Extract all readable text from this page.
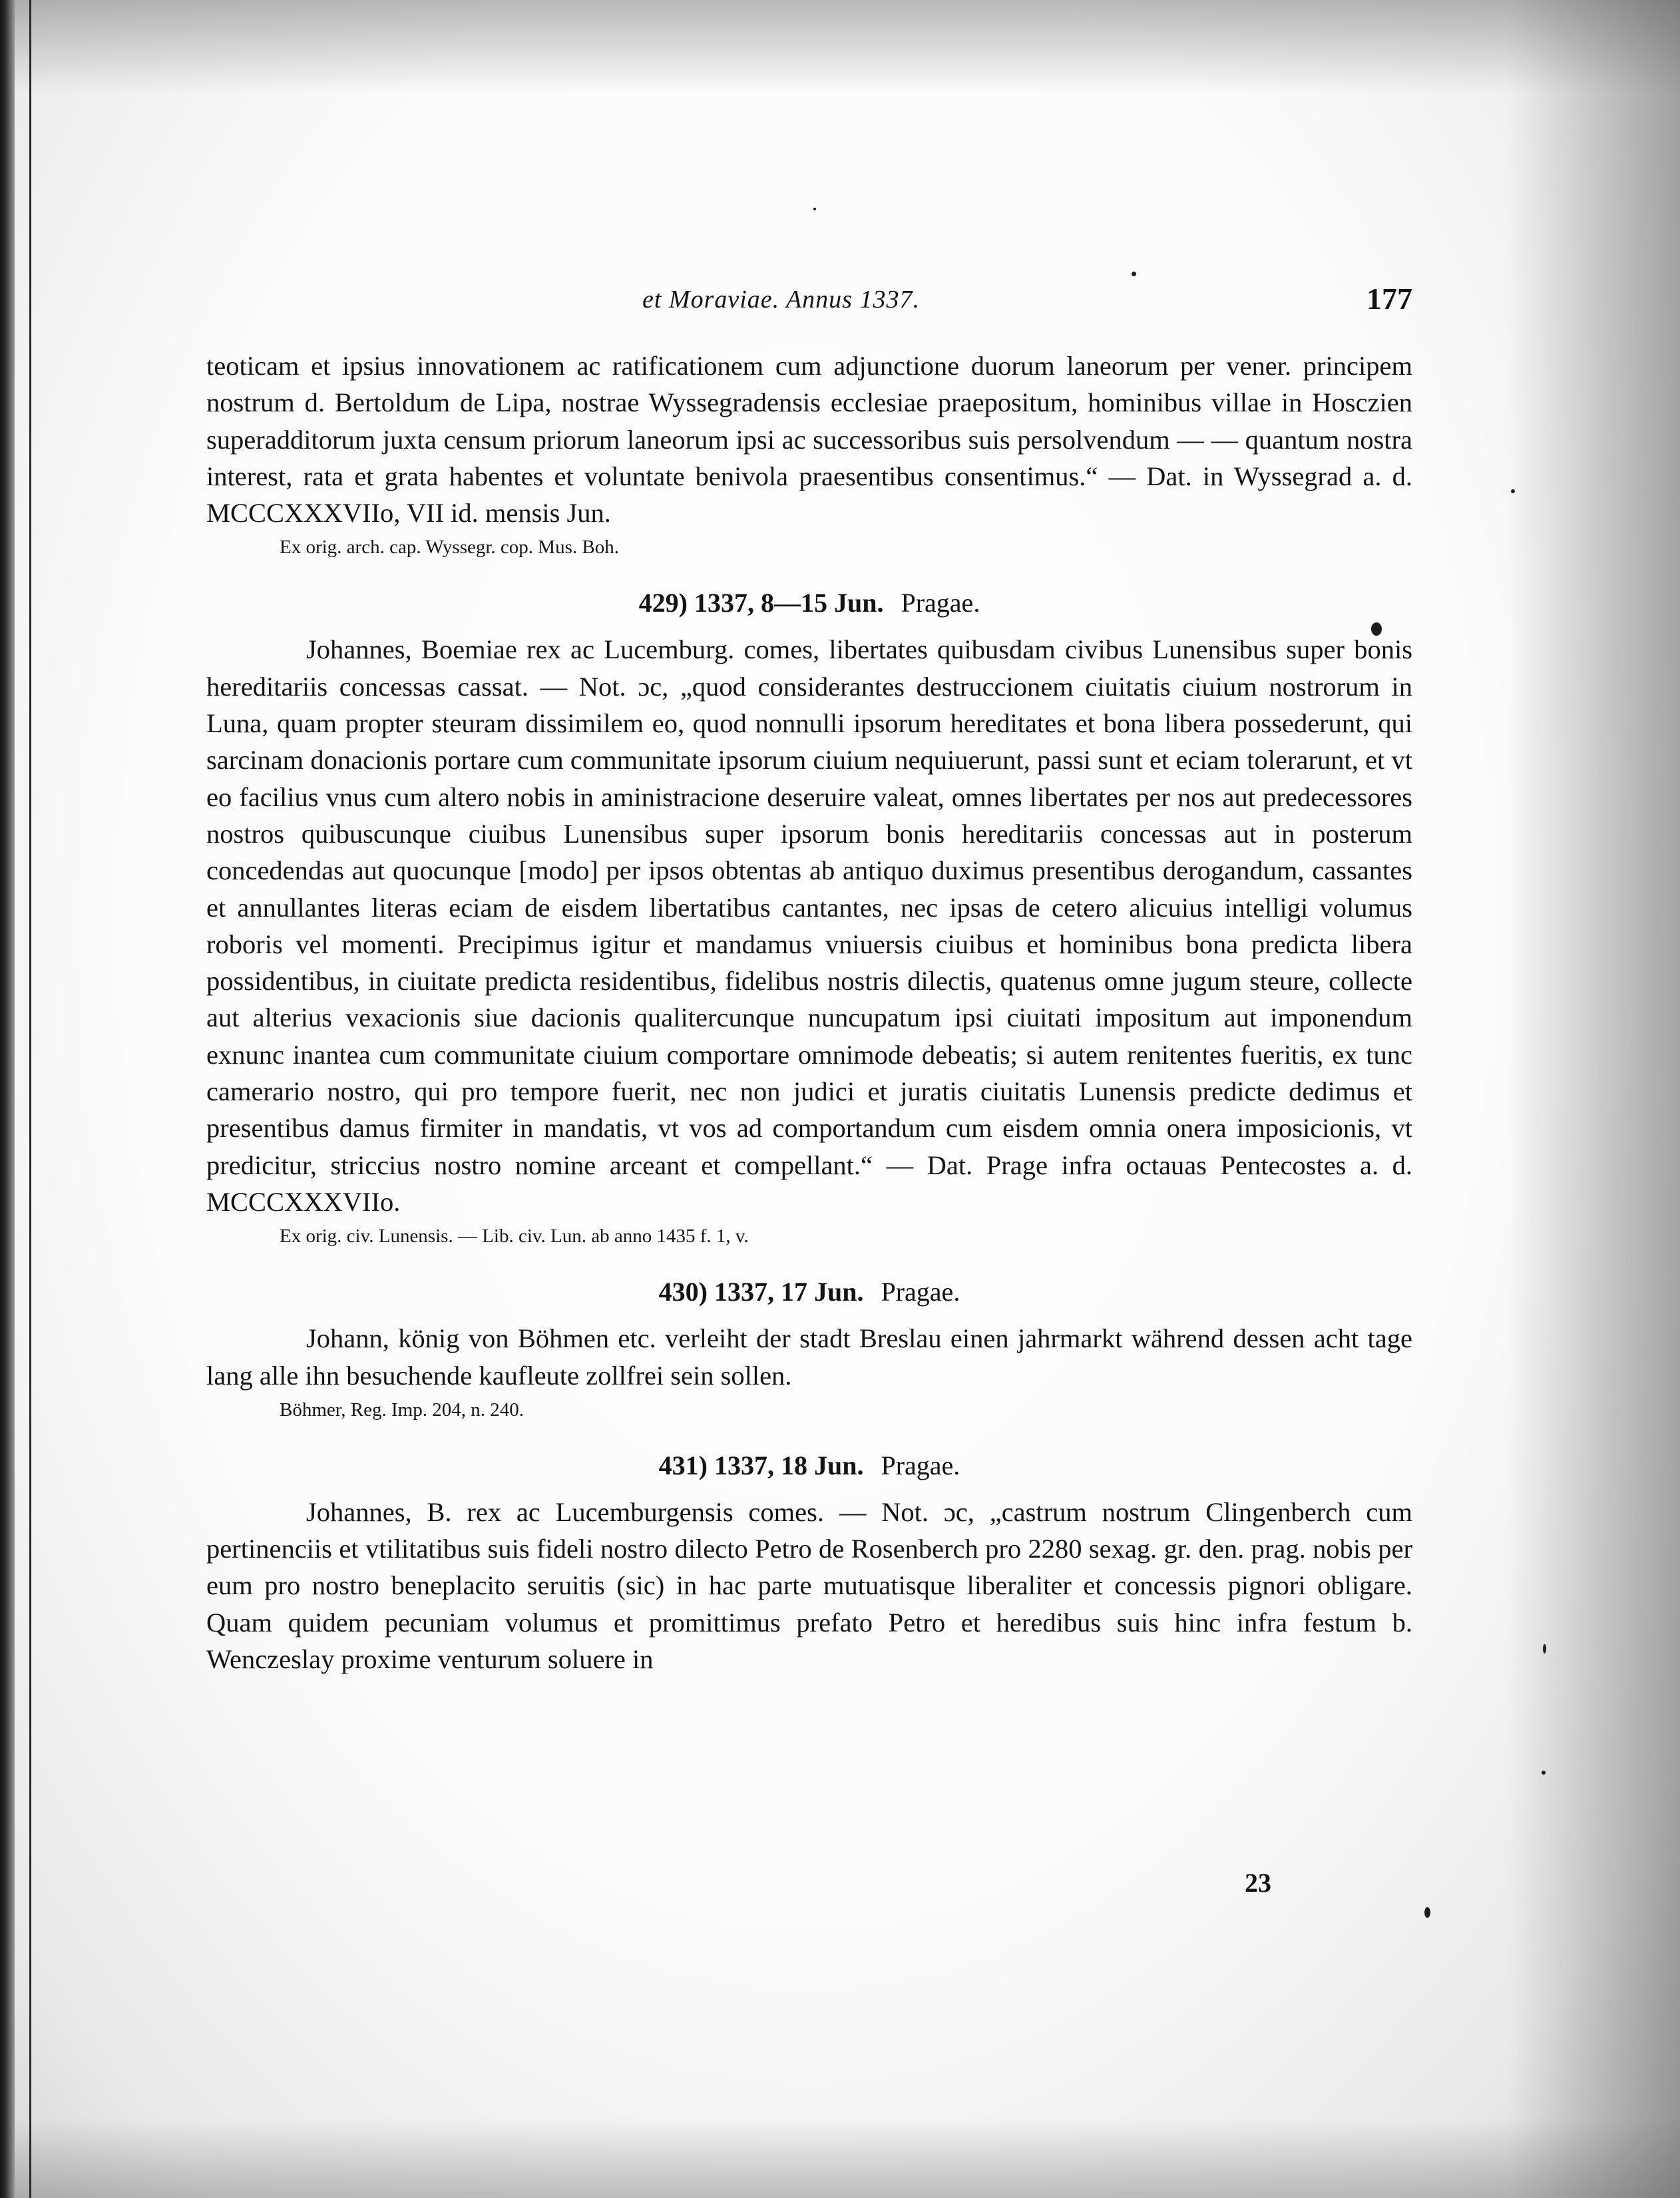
et Moraviae. Annus 1337.	177

teoticam et ipsius innovationem ac ratificationem cum adjunctione duorum laneorum per vener. principem nostrum d. Bertoldum de Lipa, nostrae Wyssegradensis ecclesiae praepositum, hominibus villae in Hosczien superadditorum juxta censum priorum laneorum ipsi ac successoribus suis persolvendum — — quantum nostra interest, rata et grata habentes et voluntate benivola praesentibus consentimus.“ — Dat. in Wyssegrad a. d. MCCCXXXVIIo, VII id. mensis Jun.

Ex orig. arch. cap. Wyssegr. cop. Mus. Boh.
429) 1337, 8—15 Jun. Pragae.

Johannes, Boemiae rex ac Lucemburg. comes, libertates quibusdam civibus Lunensibus super bonis hereditariis concessas cassat. — Not. ɔc, „quod considerantes destruccionem ciuitatis ciuium nostrorum in Luna, quam propter steuram dissimilem eo, quod nonnulli ipsorum hereditates et bona libera possederunt, qui sarcinam donacionis portare cum communitate ipsorum ciuium nequiuerunt, passi sunt et eciam tolerarunt, et vt eo facilius vnus cum altero nobis in aministracione deseruire valeat, omnes libertates per nos aut predecessores nostros quibuscunque ciuibus Lunensibus super ipsorum bonis hereditariis concessas aut in posterum concedendas aut quocunque [modo] per ipsos obtentas ab antiquo duximus presentibus derogandum, cassantes et annullantes literas eciam de eisdem libertatibus cantantes, nec ipsas de cetero alicuius intelligi volumus roboris vel momenti. Precipimus igitur et mandamus vniuersis ciuibus et hominibus bona predicta libera possidentibus, in ciuitate predicta residentibus, fidelibus nostris dilectis, quatenus omne jugum steure, collecte aut alterius vexacionis siue dacionis qualitercunque nuncupatum ipsi ciuitati impositum aut imponendum exnunc inantea cum communitate ciuium comportare omnimode debeatis; si autem renitentes fueritis, ex tunc camerario nostro, qui pro tempore fuerit, nec non judici et juratis ciuitatis Lunensis predicte dedimus et presentibus damus firmiter in mandatis, vt vos ad comportandum cum eisdem omnia onera imposicionis, vt predicitur, striccius nostro nomine arceant et compellant.“ — Dat. Prage infra octauas Pentecostes a. d. MCCCXXXVIIo.

Ex orig. civ. Lunensis. — Lib. civ. Lun. ab anno 1435 f. 1, v.
430) 1337, 17 Jun. Pragae.

Johann, könig von Böhmen etc. verleiht der stadt Breslau einen jahrmarkt während dessen acht tage lang alle ihn besuchende kaufleute zollfrei sein sollen.

Böhmer, Reg. Imp. 204, n. 240.
431) 1337, 18 Jun. Pragae.

Johannes, B. rex ac Lucemburgensis comes. — Not. ɔc, „castrum nostrum Clingenberch cum pertinenciis et vtilitatibus suis fideli nostro dilecto Petro de Rosenberch pro 2280 sexag. gr. den. prag. nobis per eum pro nostro beneplacito seruitis (sic) in hac parte mutuatisque liberaliter et concessis pignori obligare. Quam quidem pecuniam volumus et promittimus prefato Petro et heredibus suis hinc infra festum b. Wenczeslay proxime venturum soluere in

23
